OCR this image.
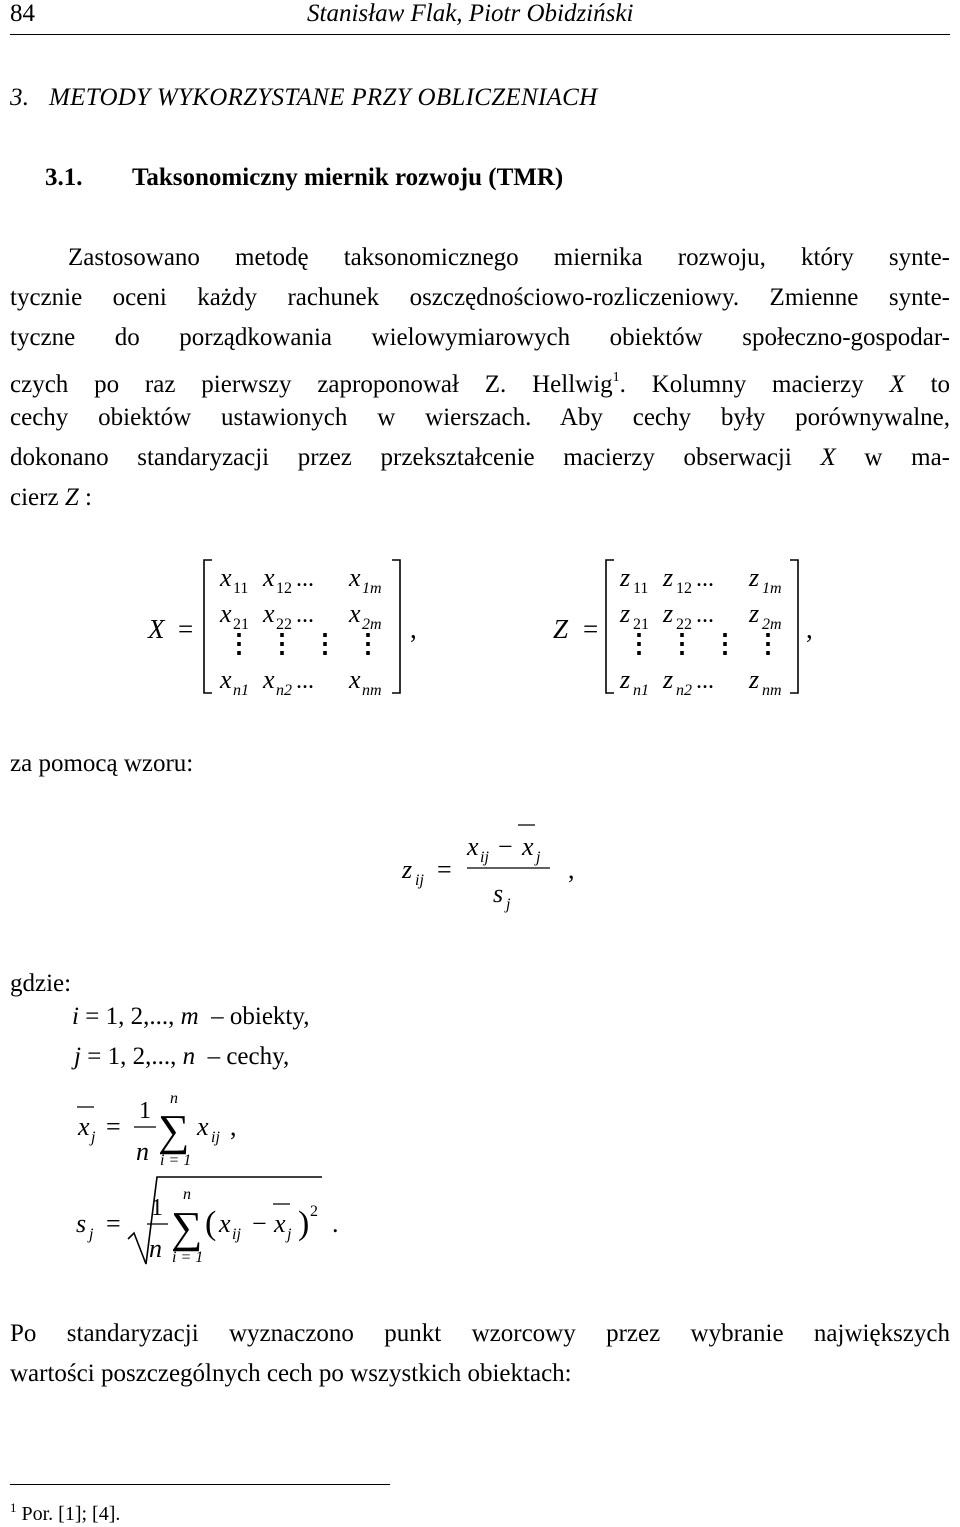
84	Stanisław Flak, Piotr Obidziński
3.   METODY WYKORZYSTANE PRZY OBLICZENIACH
3.1. Taksonomiczny miernik rozwoju (TMR)
Zastosowano metodę taksonomicznego miernika rozwoju, który synte-
tycznie oceni każdy rachunek oszczędnościowo-rozliczeniowy. Zmienne synte-
tyczne do porządkowania wielowymiarowych obiektów społeczno-gospodar-
czych po raz pierwszy zaproponował Z. Hellwig$^1$. Kolumny macierzy X to
cechy obiektów ustawionych w wierszach. Aby cechy były porównywalne,
dokonano standaryzacji przez przekształcenie macierzy obserwacji X w ma-
cierz Z :
X =
x 11 x 12 ... x 1m
x 21 x 22 ... x 2m
x n1 x n2 ... x nm
⋮ ⋮ ⋮ ⋮ ,	Z =
z 11 z 12 ... z 1m
z 21 z 22 ... z 2m
z n1 z n2 ... z nm
⋮ ⋮ ⋮ ⋮ ,
za pomocą wzoru:
z ij =
x ij − x j
s j
,
gdzie:
i = 1, 2,..., m – obiekty,
j = 1, 2,..., n – cechy,
x j =
1
n
n
∑
i = 1
x ij ,
s j =
1
n
n
∑
i = 1
( x ij − x j ) 2 .
Po standaryzacji wyznaczono punkt wzorcowy przez wybranie największych
wartości poszczególnych cech po wszystkich obiektach:
$^1$ Por. [1]; [4].
